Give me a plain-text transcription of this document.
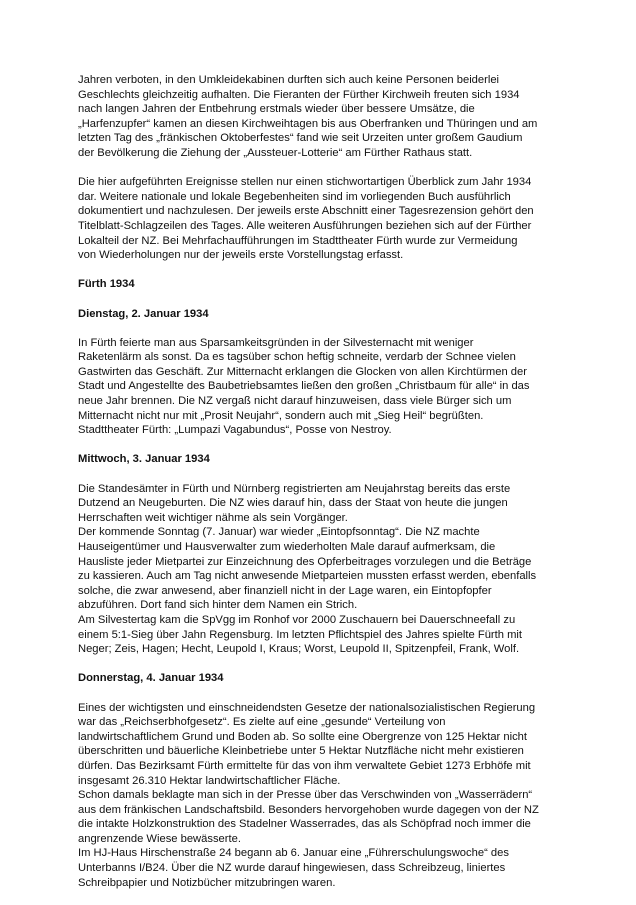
Jahren verboten, in den Umkleidekabinen durften sich auch keine Personen beiderlei
Geschlechts gleichzeitig aufhalten. Die Fieranten der Fürther Kirchweih freuten sich 1934
nach langen Jahren der Entbehrung erstmals wieder über bessere Umsätze, die
„Harfenzupfer“ kamen an diesen Kirchweihtagen bis aus Oberfranken und Thüringen und am
letzten Tag des „fränkischen Oktoberfestes“ fand wie seit Urzeiten unter großem Gaudium
der Bevölkerung die Ziehung der „Aussteuer-Lotterie“ am Fürther Rathaus statt.
Die hier aufgeführten Ereignisse stellen nur einen stichwortartigen Überblick zum Jahr 1934
dar. Weitere nationale und lokale Begebenheiten sind im vorliegenden Buch ausführlich
dokumentiert und nachzulesen. Der jeweils erste Abschnitt einer Tagesrezension gehört den
Titelblatt-Schlagzeilen des Tages. Alle weiteren Ausführungen beziehen sich auf der Fürther
Lokalteil der NZ. Bei Mehrfachaufführungen im Stadttheater Fürth wurde zur Vermeidung
von Wiederholungen nur der jeweils erste Vorstellungstag erfasst.
Fürth 1934
Dienstag, 2. Januar 1934
In Fürth feierte man aus Sparsamkeitsgründen in der Silvesternacht mit weniger
Raketenlärm als sonst. Da es tagsüber schon heftig schneite, verdarb der Schnee vielen
Gastwirten das Geschäft. Zur Mitternacht erklangen die Glocken von allen Kirchtürmen der
Stadt und Angestellte des Baubetriebsamtes ließen den großen „Christbaum für alle“ in das
neue Jahr brennen. Die NZ vergaß nicht darauf hinzuweisen, dass viele Bürger sich um
Mitternacht nicht nur mit „Prosit Neujahr“, sondern auch mit „Sieg Heil“ begrüßten.
Stadttheater Fürth: „Lumpazi Vagabundus“, Posse von Nestroy.
Mittwoch, 3. Januar 1934
Die Standesämter in Fürth und Nürnberg registrierten am Neujahrstag bereits das erste
Dutzend an Neugeburten. Die NZ wies darauf hin, dass der Staat von heute die jungen
Herrschaften weit wichtiger nähme als sein Vorgänger.
Der kommende Sonntag (7. Januar) war wieder „Eintopfsonntag“. Die NZ machte
Hauseigentümer und Hausverwalter zum wiederholten Male darauf aufmerksam, die
Hausliste jeder Mietpartei zur Einzeichnung des Opferbeitrages vorzulegen und die Beträge
zu kassieren. Auch am Tag nicht anwesende Mietparteien mussten erfasst werden, ebenfalls
solche, die zwar anwesend, aber finanziell nicht in der Lage waren, ein Eintopfopfer
abzuführen. Dort fand sich hinter dem Namen ein Strich.
Am Silvestertag kam die SpVgg im Ronhof vor 2000 Zuschauern bei Dauerschneefall zu
einem 5:1-Sieg über Jahn Regensburg. Im letzten Pflichtspiel des Jahres spielte Fürth mit
Neger; Zeis, Hagen; Hecht, Leupold I, Kraus; Worst, Leupold II, Spitzenpfeil, Frank, Wolf.
Donnerstag, 4. Januar 1934
Eines der wichtigsten und einschneidendsten Gesetze der nationalsozialistischen Regierung
war das „Reichserbhofgesetz“. Es zielte auf eine „gesunde“ Verteilung von
landwirtschaftlichem Grund und Boden ab. So sollte eine Obergrenze von 125 Hektar nicht
überschritten und bäuerliche Kleinbetriebe unter 5 Hektar Nutzfläche nicht mehr existieren
dürfen. Das Bezirksamt Fürth ermittelte für das von ihm verwaltete Gebiet 1273 Erbhöfe mit
insgesamt 26.310 Hektar landwirtschaftlicher Fläche.
Schon damals beklagte man sich in der Presse über das Verschwinden von „Wasserrädern“
aus dem fränkischen Landschaftsbild. Besonders hervorgehoben wurde dagegen von der NZ
die intakte Holzkonstruktion des Stadelner Wasserrades, das als Schöpfrad noch immer die
angrenzende Wiese bewässerte.
Im HJ-Haus Hirschenstraße 24 begann ab 6. Januar eine „Führerschulungswoche“ des
Unterbanns I/B24. Über die NZ wurde darauf hingewiesen, dass Schreibzeug, liniertes
Schreibpapier und Notizbücher mitzubringen waren.
